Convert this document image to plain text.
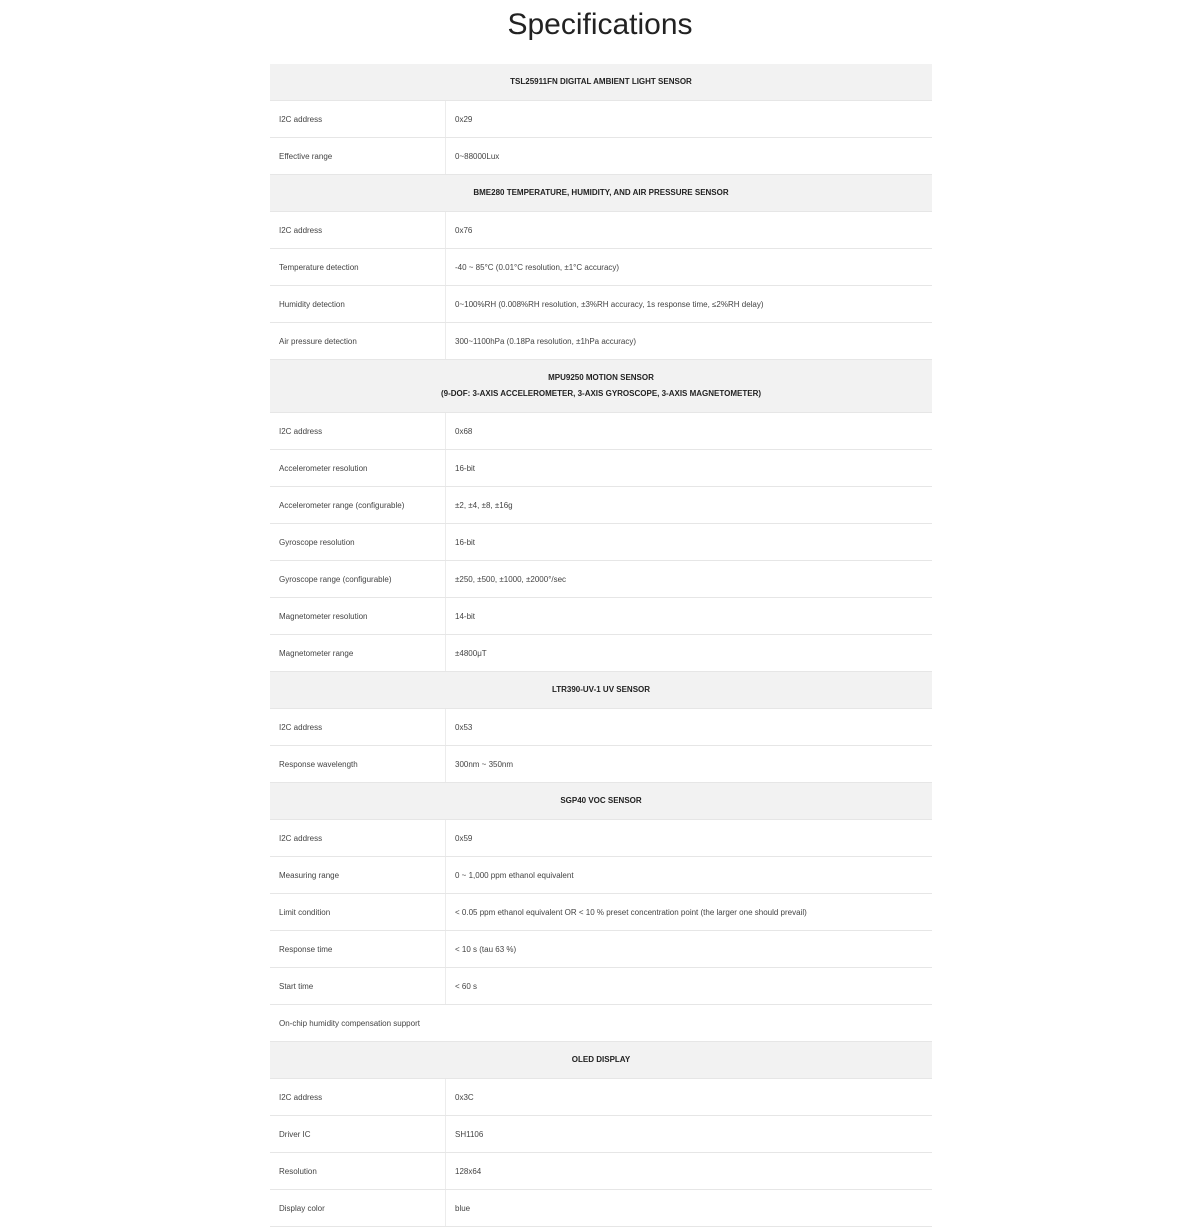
Specifications
TSL25911FN DIGITAL AMBIENT LIGHT SENSOR
I2C address	0x29
Effective range	0~88000Lux
BME280 TEMPERATURE, HUMIDITY, AND AIR PRESSURE SENSOR
I2C address	0x76
Temperature detection	-40 ~ 85°C (0.01°C resolution, ±1°C accuracy)
Humidity detection	0~100%RH (0.008%RH resolution, ±3%RH accuracy, 1s response time, ≤2%RH delay)
Air pressure detection	300~1100hPa (0.18Pa resolution, ±1hPa accuracy)
MPU9250 MOTION SENSOR
(9-DOF: 3-AXIS ACCELEROMETER, 3-AXIS GYROSCOPE, 3-AXIS MAGNETOMETER)
I2C address	0x68
Accelerometer resolution	16-bit
Accelerometer range (configurable)	±2, ±4, ±8, ±16g
Gyroscope resolution	16-bit
Gyroscope range (configurable)	±250, ±500, ±1000, ±2000°/sec
Magnetometer resolution	14-bit
Magnetometer range	±4800μT
LTR390-UV-1 UV SENSOR
I2C address	0x53
Response wavelength	300nm ~ 350nm
SGP40 VOC SENSOR
I2C address	0x59
Measuring range	0 ~ 1,000 ppm ethanol equivalent
Limit condition	< 0.05 ppm ethanol equivalent OR < 10 % preset concentration point (the larger one should prevail)
Response time	< 10 s (tau 63 %)
Start time	< 60 s
On-chip humidity compensation support
OLED DISPLAY
I2C address	0x3C
Driver IC	SH1106
Resolution	128x64
Display color	blue
